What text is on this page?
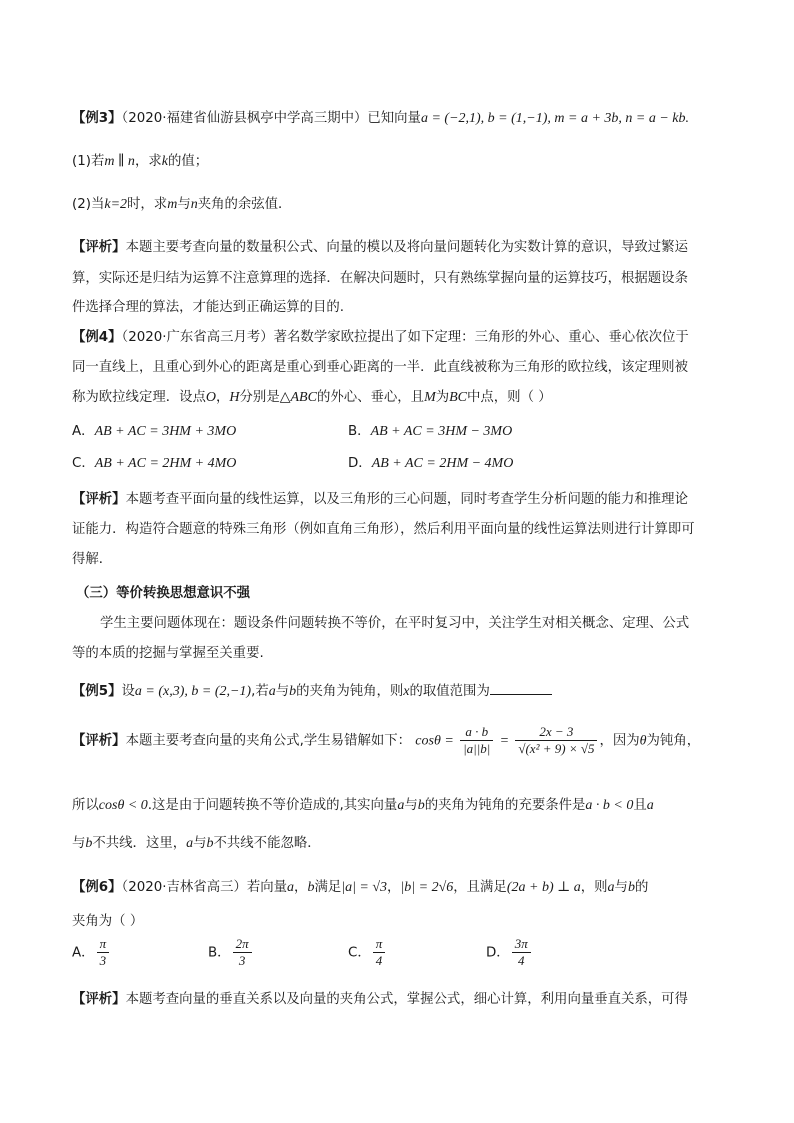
【例3】（2020·福建省仙游县枫亭中学高三期中）已知向量a = (−2,1), b = (1,−1), m = a + 3b, n = a − kb.
(1)若m ∥ n，求k的值；
(2)当k=2时，求m与n夹角的余弦值．
【评析】本题主要考查向量的数量积公式、向量的模以及将向量问题转化为实数计算的意识，导致过繁运
算，实际还是归结为运算不注意算理的选择．在解决问题时，只有熟练掌握向量的运算技巧，根据题设条
件选择合理的算法，才能达到正确运算的目的.
【例4】（2020·广东省高三月考）著名数学家欧拉提出了如下定理：三角形的外心、重心、垂心依次位于
同一直线上，且重心到外心的距离是重心到垂心距离的一半．此直线被称为三角形的欧拉线，该定理则被
称为欧拉线定理．设点O，H分别是△ABC的外心、垂心，且M为BC中点，则（ ）
A．AB + AC = 3HM + 3MO	B．AB + AC = 3HM − 3MO
C．AB + AC = 2HM + 4MO	D．AB + AC = 2HM − 4MO
【评析】本题考查平面向量的线性运算，以及三角形的三心问题，同时考查学生分析问题的能力和推理论
证能力．构造符合题意的特殊三角形（例如直角三角形），然后利用平面向量的线性运算法则进行计算即可
得解．
（三）等价转换思想意识不强
学生主要问题体现在：题设条件问题转换不等价，在平时复习中，关注学生对相关概念、定理、公式
等的本质的挖掘与掌握至关重要.
【例5】设a = (x,3), b = (2,−1),若a与b的夹角为钝角，则x的取值范围为
【评析】本题主要考查向量的夹角公式,学生易错解如下： $\cos\theta = \frac{a \cdot b}{|a||b|} = \frac{2x - 3}{\text{√(x² + 9) × √5}}$ ，因为θ为钝角，
所以cosθ < 0.这是由于问题转换不等价造成的,其实向量a与b的夹角为钝角的充要条件是a · b < 0且a
与b不共线．这里，a与b不共线不能忽略．
【例6】（2020·吉林省高三）若向量a，b满足|a| = √3，|b| = 2√6，且满足(2a + b) ⊥ a，则a与b的
夹角为（ ）
A． $\frac{\pi}{3}$	B． $\frac{2\pi}{3}$	C． $\frac{\pi}{4}$	D． $\frac{3\pi}{4}$
【评析】本题考查向量的垂直关系以及向量的夹角公式，掌握公式，细心计算，利用向量垂直关系，可得
